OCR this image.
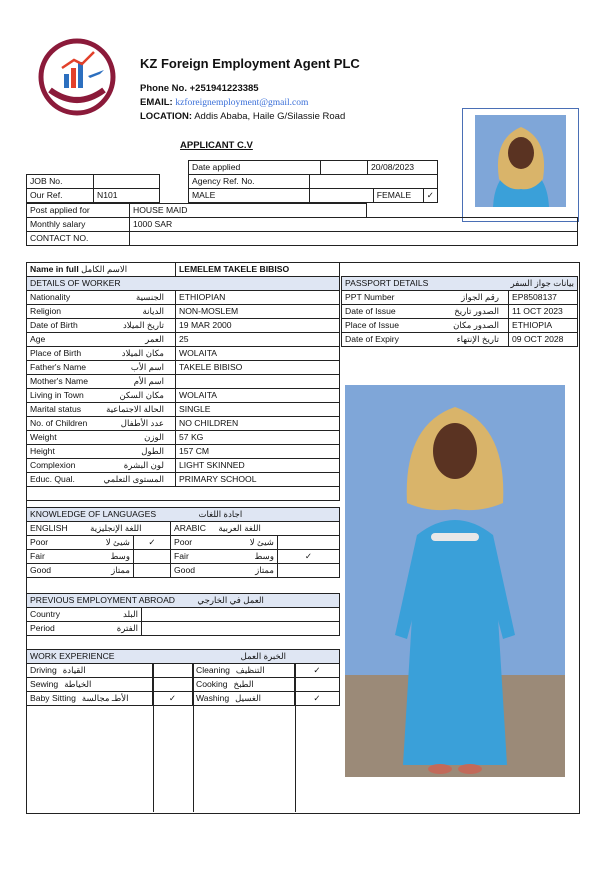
KZ Foreign Employment Agent PLC
Phone No. +251941223385
EMAIL: kzforeignemployment@gmail.com
LOCATION: Addis Ababa, Haile G/Silassie Road
APPLICANT C.V
Date applied		20/08/2023
JOB No.	
Our Ref.	N101
Agency Ref. No.			
MALE		FEMALE	✓
Post applied for	HOUSE MAID	
Monthly salary	1000 SAR	
CONTACT NO.		
Name in full الاسم الكامل	LEMELEM TAKELE BIBISO
DETAILS OF WORKER	
Nationality الجنسية	ETHIOPIAN
Religion الديانة	NON-MOSLEM
Date of Birth تاريخ الميلاد	19 MAR 2000
Age العمر	25
Place of Birth مكان الميلاد	WOLAITA
Father's Name اسم الأب	TAKELE BIBISO
Mother's Name اسم الأم	

Living in Town مكان السكن	WOLAITA
Marital status الحالة الاجتماعية	SINGLE
No. of Children عدد الأطفال	NO CHILDREN
Weight الوزن	57 KG
Height الطول	157 CM
Complexion لون البشرة	LIGHT SKINNED
Educ. Qual. المستوى التعلمي	PRIMARY SCHOOL

PASSPORT DETAILS بيانات جواز السفر	

PPT Number رقم الجواز	EP8508137
Date of Issue الصدور تاريخ	11 OCT 2023
Place of Issue الصدور مكان	ETHIOPIA
Date of Expiry تاريخ الإنتهاء	09 OCT 2028
KNOWLEDGE OF LANGUAGES اجادة اللغات			
ENGLISH اللغة الإنجليزية		ARABIC اللغة العربية	
Poor شيئ لا	✓	Poor شيئ لا	

Fair وسط		Fair وسط	✓
Good ممتاز		Good ممتاز	

PREVIOUS EMPLOYMENT ABROAD العمل في الخارجي	
Country البلد	

Period الفترة	

WORK EXPERIENCE الخبرة العمل			

Driving القيادة		Cleaning التنظيف	✓
Sewing الخياطة		Cooking الطبخ	
Baby Sitting الأطـ مجالسة	✓	Washing الغسيل	✓
